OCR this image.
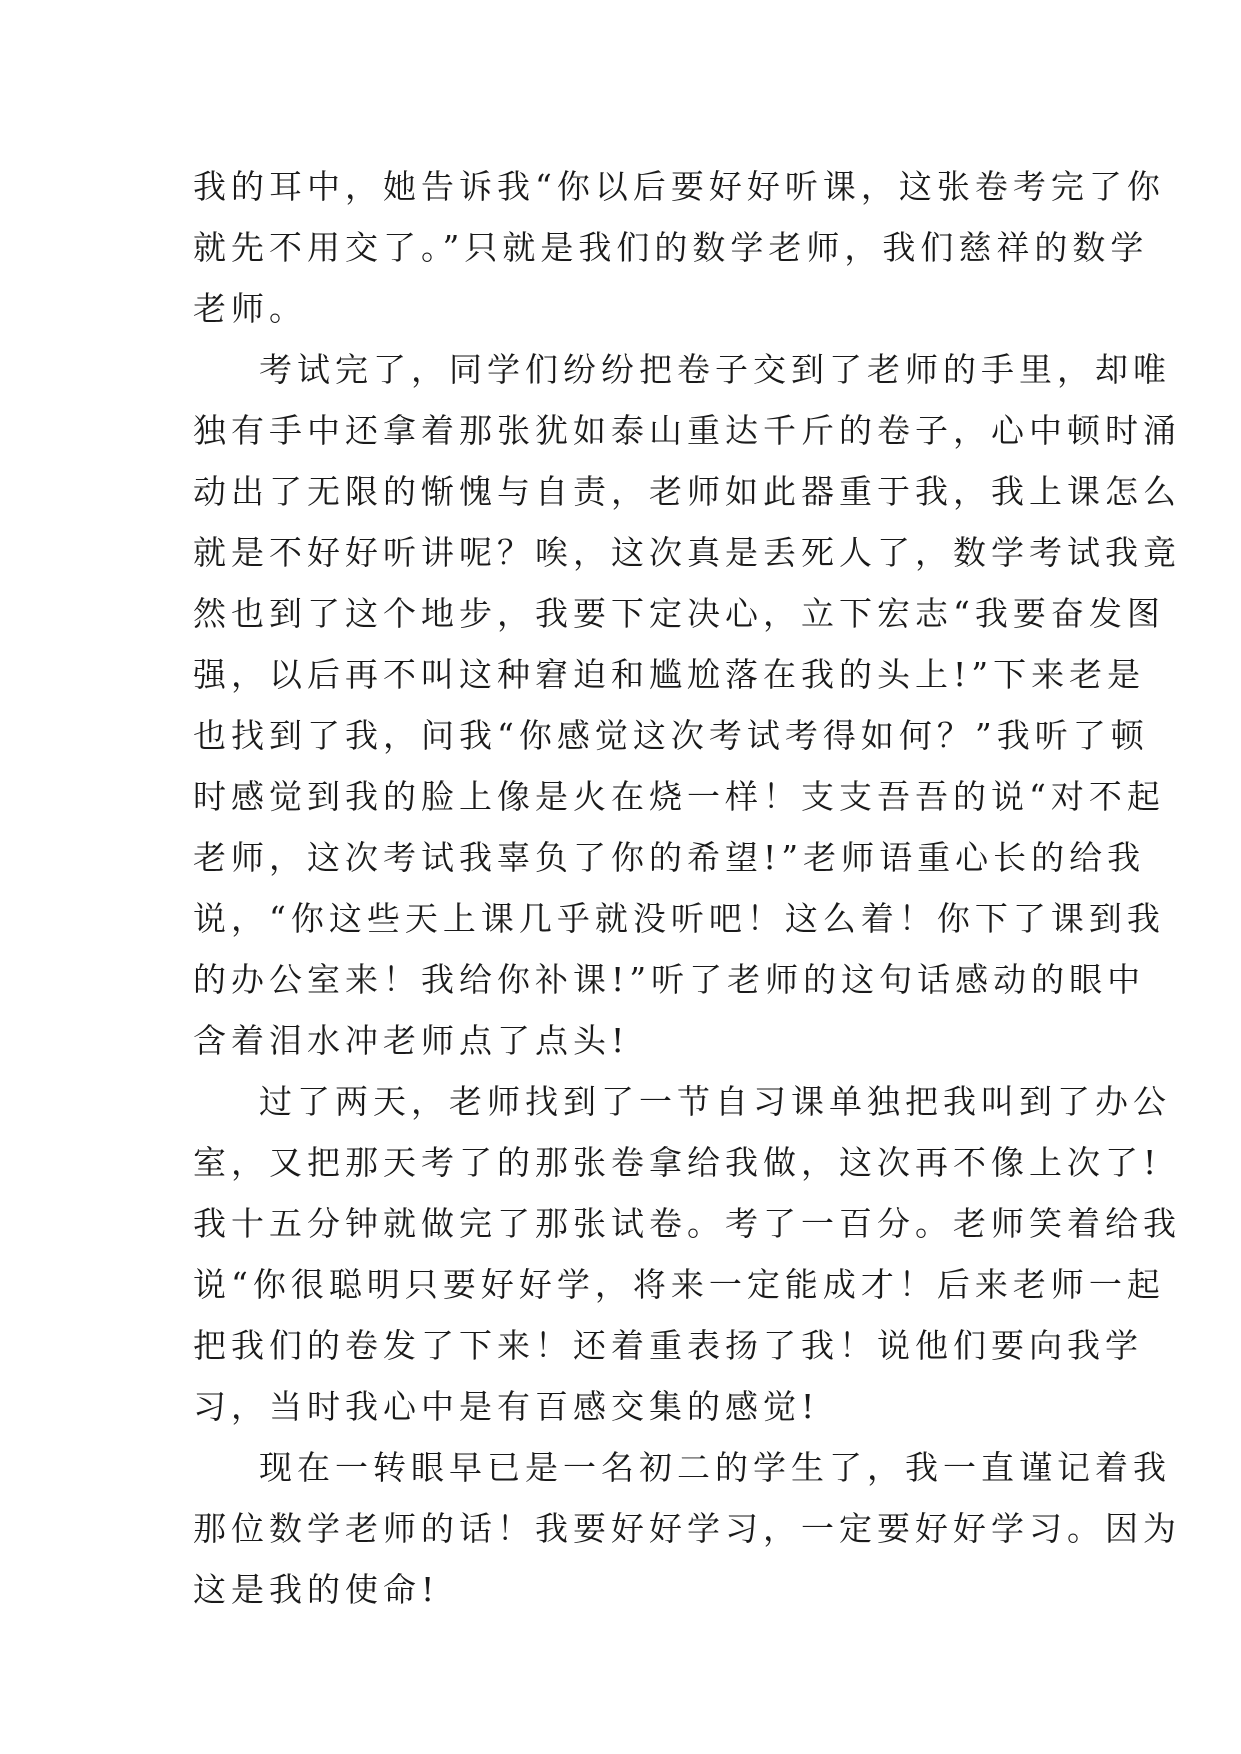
我的耳中，她告诉我“你以后要好好听课，这张卷考完了你
就先不用交了。”只就是我们的数学老师，我们慈祥的数学
老师。
考试完了，同学们纷纷把卷子交到了老师的手里，却唯
独有手中还拿着那张犹如泰山重达千斤的卷子，心中顿时涌
动出了无限的惭愧与自责，老师如此器重于我，我上课怎么
就是不好好听讲呢？唉，这次真是丢死人了，数学考试我竟
然也到了这个地步，我要下定决心，立下宏志“我要奋发图
强，以后再不叫这种窘迫和尴尬落在我的头上!”下来老是
也找到了我，问我“你感觉这次考试考得如何？”我听了顿
时感觉到我的脸上像是火在烧一样！支支吾吾的说“对不起
老师，这次考试我辜负了你的希望!”老师语重心长的给我
说，“你这些天上课几乎就没听吧！这么着！你下了课到我
的办公室来！我给你补课!”听了老师的这句话感动的眼中
含着泪水冲老师点了点头!
过了两天，老师找到了一节自习课单独把我叫到了办公
室，又把那天考了的那张卷拿给我做，这次再不像上次了!
我十五分钟就做完了那张试卷。考了一百分。老师笑着给我
说“你很聪明只要好好学，将来一定能成才！后来老师一起
把我们的卷发了下来！还着重表扬了我！说他们要向我学
习，当时我心中是有百感交集的感觉!
现在一转眼早已是一名初二的学生了，我一直谨记着我
那位数学老师的话！我要好好学习，一定要好好学习。因为
这是我的使命!
